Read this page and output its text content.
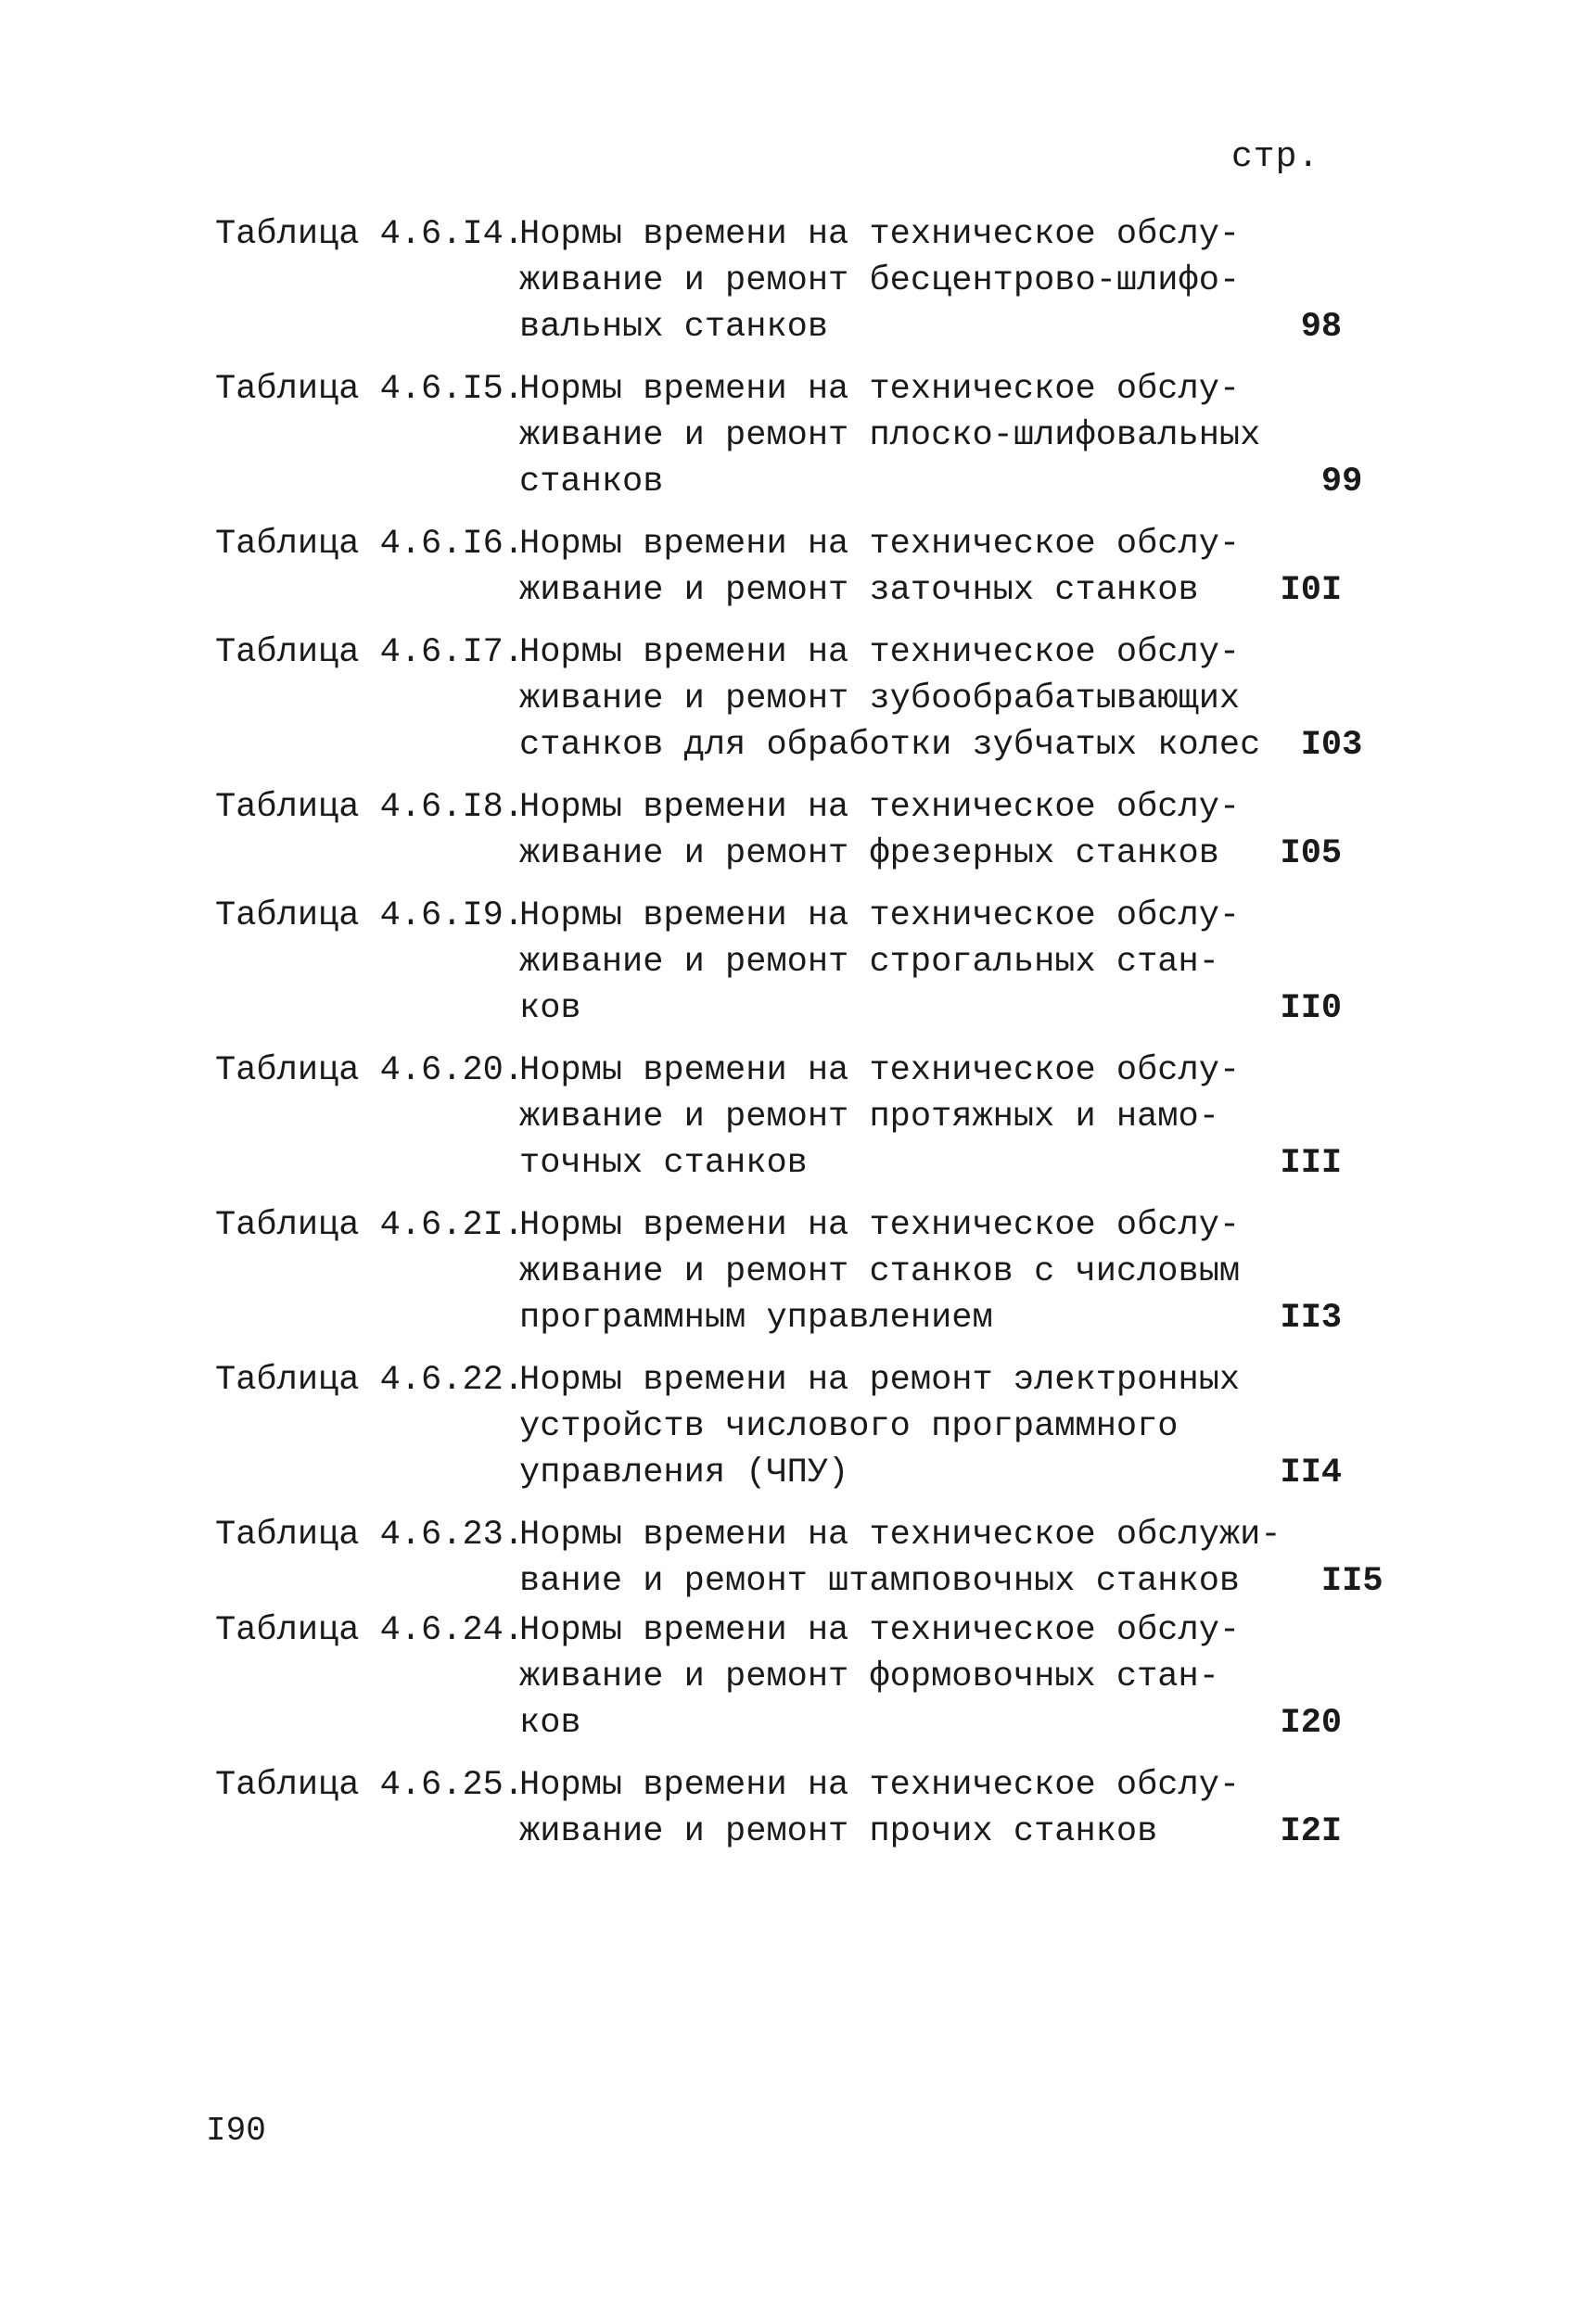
стр.
Таблица 4.6.I4.
Нормы времени на техническое обслу-
живание и ремонт бесцентрово-шлифо-
вальных станков	98
Таблица 4.6.I5.
Нормы времени на техническое обслу-
живание и ремонт плоско-шлифовальных
станков	99
Таблица 4.6.I6.
Нормы времени на техническое обслу-
живание и ремонт заточных станков	I0I
Таблица 4.6.I7.
Нормы времени на техническое обслу-
живание и ремонт зубообрабатывающих
станков для обработки зубчатых колес	I03
Таблица 4.6.I8.
Нормы времени на техническое обслу-
живание и ремонт фрезерных станков	I05
Таблица 4.6.I9.
Нормы времени на техническое обслу-
живание и ремонт строгальных стан-
ков	II0
Таблица 4.6.20.
Нормы времени на техническое обслу-
живание и ремонт протяжных и намо-
точных станков	III
Таблица 4.6.2I.
Нормы времени на техническое обслу-
живание и ремонт станков с числовым
программным управлением	II3
Таблица 4.6.22.
Нормы времени на ремонт электронных
устройств числового программного
управления (ЧПУ)	II4
Таблица 4.6.23.
Нормы времени на техническое обслужи-
вание и ремонт штамповочных станков	II5
Таблица 4.6.24.
Нормы времени на техническое обслу-
живание и ремонт формовочных стан-
ков	I20
Таблица 4.6.25.
Нормы времени на техническое обслу-
живание и ремонт прочих станков	I2I
I90
